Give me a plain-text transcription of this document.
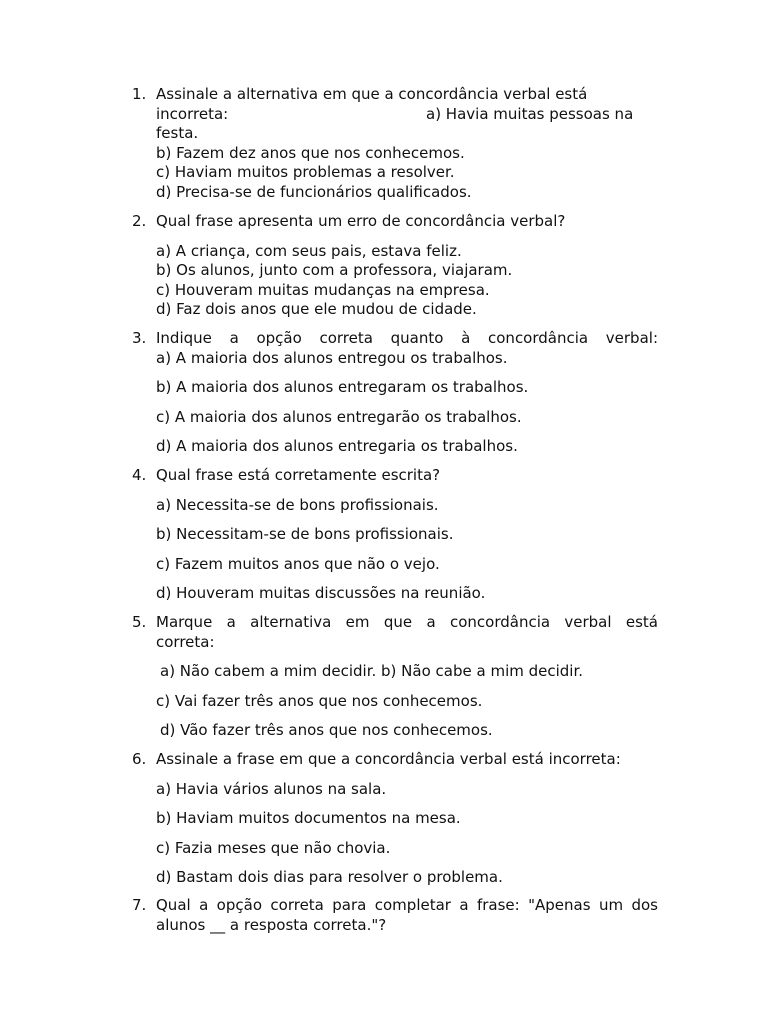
1. Assinale a alternativa em que a concordância verbal está
incorreta:	a) Havia muitas pessoas na
festa.
b) Fazem dez anos que nos conhecemos.
c) Haviam muitos problemas a resolver.
d) Precisa-se de funcionários qualificados.
2. Qual frase apresenta um erro de concordância verbal?
a) A criança, com seus pais, estava feliz.
b) Os alunos, junto com a professora, viajaram.
c) Houveram muitas mudanças na empresa.
d) Faz dois anos que ele mudou de cidade.
3. Indique a opção correta quanto à concordância verbal:
a) A maioria dos alunos entregou os trabalhos.
b) A maioria dos alunos entregaram os trabalhos.
c) A maioria dos alunos entregarão os trabalhos.
d) A maioria dos alunos entregaria os trabalhos.
4. Qual frase está corretamente escrita?
a) Necessita-se de bons profissionais.
b) Necessitam-se de bons profissionais.
c) Fazem muitos anos que não o vejo.
d) Houveram muitas discussões na reunião.
5. Marque a alternativa em que a concordância verbal está
correta:
a) Não cabem a mim decidir. b) Não cabe a mim decidir.
c) Vai fazer três anos que nos conhecemos.
d) Vão fazer três anos que nos conhecemos.
6. Assinale a frase em que a concordância verbal está incorreta:
a) Havia vários alunos na sala.
b) Haviam muitos documentos na mesa.
c) Fazia meses que não chovia.
d) Bastam dois dias para resolver o problema.
7. Qual a opção correta para completar a frase: "Apenas um dos
alunos __ a resposta correta."?
